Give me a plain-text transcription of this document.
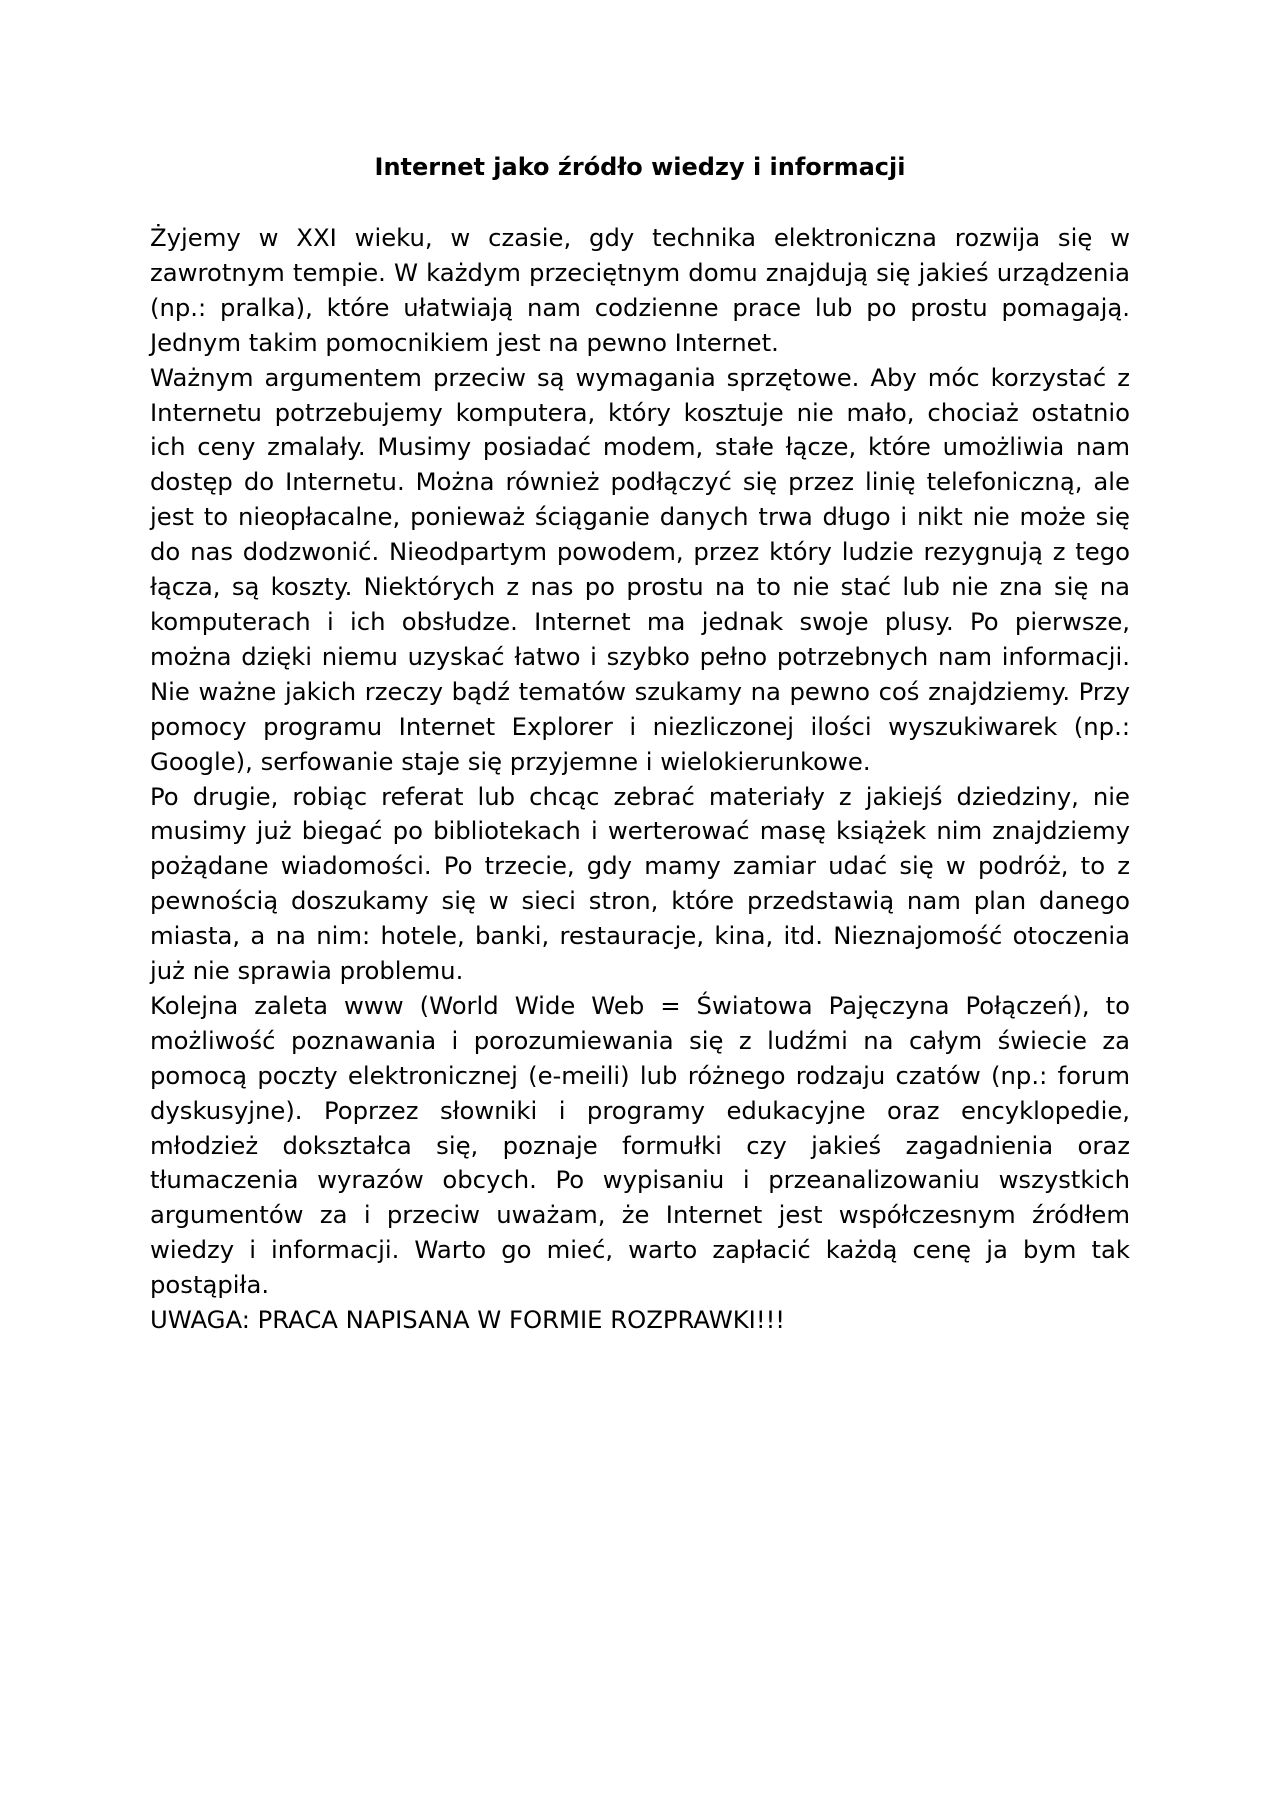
Internet jako źródło wiedzy i informacji

Żyjemy w XXI wieku, w czasie, gdy technika elektroniczna rozwija się w zawrotnym tempie. W każdym przeciętnym domu znajdują się jakieś urządzenia (np.: pralka), które ułatwiają nam codzienne prace lub po prostu pomagają. Jednym takim pomocnikiem jest na pewno Internet.

Ważnym argumentem przeciw są wymagania sprzętowe. Aby móc korzystać z Internetu potrzebujemy komputera, który kosztuje nie mało, chociaż ostatnio ich ceny zmalały. Musimy posiadać modem, stałe łącze, które umożliwia nam dostęp do Internetu. Można również podłączyć się przez linię telefoniczną, ale jest to nieopłacalne, ponieważ ściąganie danych trwa długo i nikt nie może się do nas dodzwonić. Nieodpartym powodem, przez który ludzie rezygnują z tego łącza, są koszty. Niektórych z nas po prostu na to nie stać lub nie zna się na komputerach i ich obsłudze. Internet ma jednak swoje plusy. Po pierwsze, można dzięki niemu uzyskać łatwo i szybko pełno potrzebnych nam informacji. Nie ważne jakich rzeczy bądź tematów szukamy na pewno coś znajdziemy. Przy pomocy programu Internet Explorer i niezliczonej ilości wyszukiwarek (np.: Google), serfowanie staje się przyjemne i wielokierunkowe.

Po drugie, robiąc referat lub chcąc zebrać materiały z jakiejś dziedziny, nie musimy już biegać po bibliotekach i werterować masę książek nim znajdziemy pożądane wiadomości. Po trzecie, gdy mamy zamiar udać się w podróż, to z pewnością doszukamy się w sieci stron, które przedstawią nam plan danego miasta, a na nim: hotele, banki, restauracje, kina, itd. Nieznajomość otoczenia już nie sprawia problemu.

Kolejna zaleta www (World Wide Web = Światowa Pajęczyna Połączeń), to możliwość poznawania i porozumiewania się z ludźmi na całym świecie za pomocą poczty elektronicznej (e-meili) lub różnego rodzaju czatów (np.: forum dyskusyjne). Poprzez słowniki i programy edukacyjne oraz encyklopedie, młodzież dokształca się, poznaje formułki czy jakieś zagadnienia oraz tłumaczenia wyrazów obcych. Po wypisaniu i przeanalizowaniu wszystkich argumentów za i przeciw uważam, że Internet jest współczesnym źródłem wiedzy i informacji. Warto go mieć, warto zapłacić każdą cenę ja bym tak postąpiła.

UWAGA: PRACA NAPISANA W FORMIE ROZPRAWKI!!!
